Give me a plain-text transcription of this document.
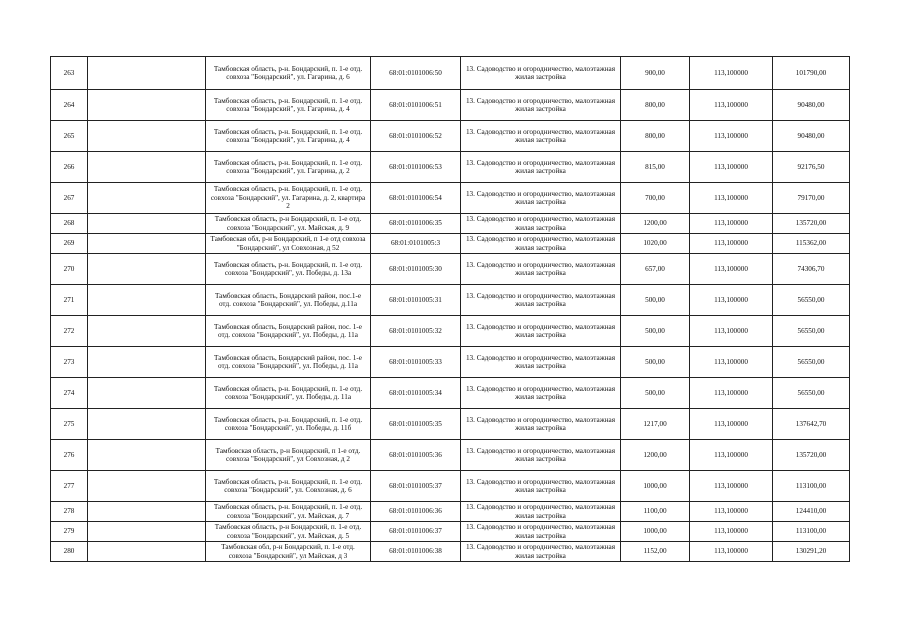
263		Тамбовская область, р-н. Бондарский, п. 1-е отд. совхоза "Бондарский", ул. Гагарина, д. 6	68:01:0101006:50	13. Садоводство и огородничество, малоэтажная жилая застройка	900,00	113,100000	101790,00
264		Тамбовская область, р-н. Бондарский, п. 1-е отд. совхоза "Бондарский", ул. Гагарина, д. 4	68:01:0101006:51	13. Садоводство и огородничество, малоэтажная жилая застройка	800,00	113,100000	90480,00
265		Тамбовская область, р-н. Бондарский, п. 1-е отд. совхоза "Бондарский", ул. Гагарина, д. 4	68:01:0101006:52	13. Садоводство и огородничество, малоэтажная жилая застройка	800,00	113,100000	90480,00
266		Тамбовская область, р-н. Бондарский, п. 1-е отд. совхоза "Бондарский", ул. Гагарина, д. 2	68:01:0101006:53	13. Садоводство и огородничество, малоэтажная жилая застройка	815,00	113,100000	92176,50
267		Тамбовская область, р-н. Бондарский, п. 1-е отд. совхоза "Бондарский", ул. Гагарина, д. 2, квартира 2	68:01:0101006:54	13. Садоводство и огородничество, малоэтажная жилая застройка	700,00	113,100000	79170,00
268		Тамбовская область, р-н Бондарский, п. 1-е отд. совхоза "Бондарский", ул. Майская, д. 9	68:01:0101006:35	13. Садоводство и огородничество, малоэтажная жилая застройка	1200,00	113,100000	135720,00
269		Тамбовская обл, р-н Бондарский, п 1-е отд совхоза "Бондарский", ул Совхозная, д 52	68:01:0101005:3	13. Садоводство и огородничество, малоэтажная жилая застройка	1020,00	113,100000	115362,00
270		Тамбовская область, р-н. Бондарский, п. 1-е отд. совхоза "Бондарский", ул. Победы, д. 13а	68:01:0101005:30	13. Садоводство и огородничество, малоэтажная жилая застройка	657,00	113,100000	74306,70
271		Тамбовская область, Бондарский район, пос.1-е отд. совхоза "Бондарский", ул. Победы, д.11а	68:01:0101005:31	13. Садоводство и огородничество, малоэтажная жилая застройка	500,00	113,100000	56550,00
272		Тамбовская область, Бондарский район, пос. 1-е отд. совхоза "Бондарский", ул. Победы, д. 11а	68:01:0101005:32	13. Садоводство и огородничество, малоэтажная жилая застройка	500,00	113,100000	56550,00
273		Тамбовская область, Бондарский район, пос. 1-е отд. совхоза "Бондарский", ул. Победы, д. 11а	68:01:0101005:33	13. Садоводство и огородничество, малоэтажная жилая застройка	500,00	113,100000	56550,00
274		Тамбовская область, р-н. Бондарский, п. 1-е отд. совхоза "Бондарский", ул. Победы, д. 11а	68:01:0101005:34	13. Садоводство и огородничество, малоэтажная жилая застройка	500,00	113,100000	56550,00
275		Тамбовская область, р-н. Бондарский, п. 1-е отд. совхоза "Бондарский", ул. Победы, д. 11б	68:01:0101005:35	13. Садоводство и огородничество, малоэтажная жилая застройка	1217,00	113,100000	137642,70
276		Тамбовская область, р-н Бондарский, п 1-е отд. совхоза "Бондарский", ул Совхозная, д 2	68:01:0101005:36	13. Садоводство и огородничество, малоэтажная жилая застройка	1200,00	113,100000	135720,00
277		Тамбовская область, р-н. Бондарский, п. 1-е отд. совхоза "Бондарский", ул. Совхозная, д. 6	68:01:0101005:37	13. Садоводство и огородничество, малоэтажная жилая застройка	1000,00	113,100000	113100,00
278		Тамбовская область, р-н. Бондарский, п. 1-е отд. совхоза "Бондарский", ул. Майская, д. 7	68:01:0101006:36	13. Садоводство и огородничество, малоэтажная жилая застройка	1100,00	113,100000	124410,00
279		Тамбовская область, р-н Бондарский, п. 1-е отд. совхоза "Бондарский", ул. Майская, д. 5	68:01:0101006:37	13. Садоводство и огородничество, малоэтажная жилая застройка	1000,00	113,100000	113100,00
280		Тамбовская обл, р-н Бондарский, п. 1-е отд. совхоза "Бондарский", ул Майская, д 3	68:01:0101006:38	13. Садоводство и огородничество, малоэтажная жилая застройка	1152,00	113,100000	130291,20
